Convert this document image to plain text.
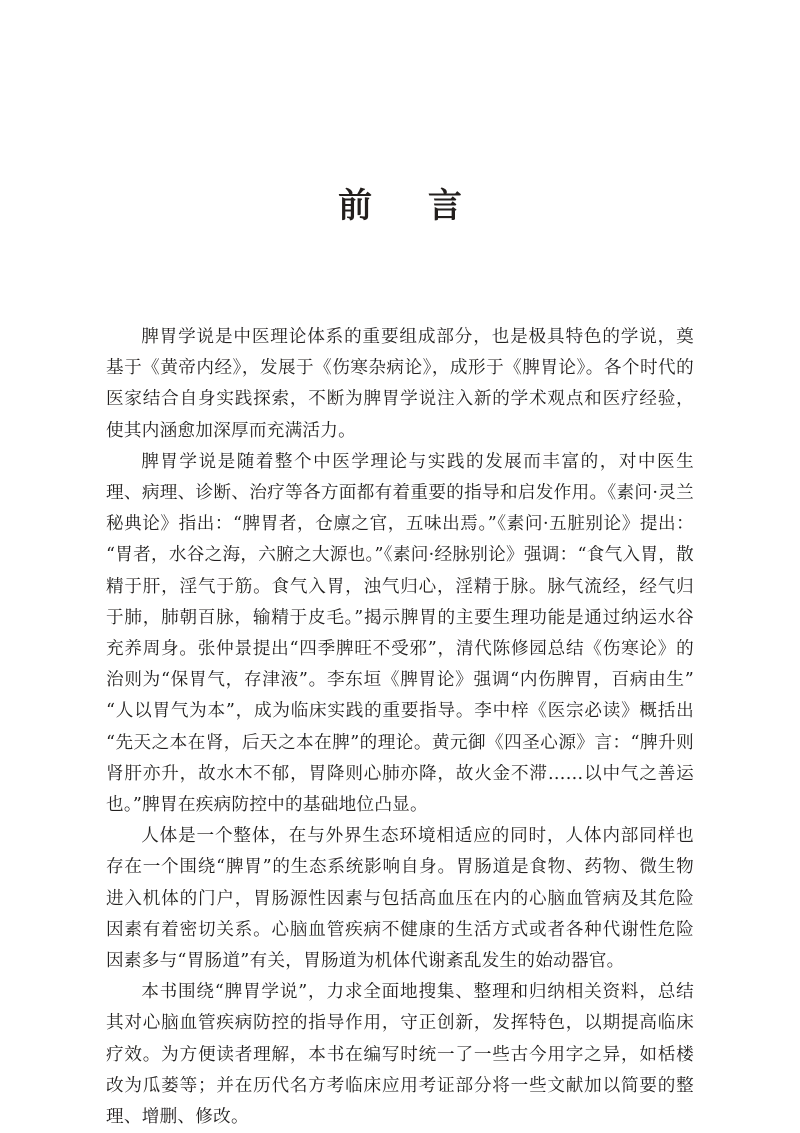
前　言

脾胃学说是中医理论体系的重要组成部分，也是极具特色的学说，奠基于《黄帝内经》，发展于《伤寒杂病论》，成形于《脾胃论》。各个时代的医家结合自身实践探索，不断为脾胃学说注入新的学术观点和医疗经验，使其内涵愈加深厚而充满活力。

脾胃学说是随着整个中医学理论与实践的发展而丰富的，对中医生理、病理、诊断、治疗等各方面都有着重要的指导和启发作用。《素问·灵兰秘典论》指出：“脾胃者，仓廪之官，五味出焉。”《素问·五脏别论》提出：“胃者，水谷之海，六腑之大源也。”《素问·经脉别论》强调：“食气入胃，散精于肝，淫气于筋。食气入胃，浊气归心，淫精于脉。脉气流经，经气归于肺，肺朝百脉，输精于皮毛。”揭示脾胃的主要生理功能是通过纳运水谷充养周身。张仲景提出“四季脾旺不受邪”，清代陈修园总结《伤寒论》的治则为“保胃气，存津液”。李东垣《脾胃论》强调“内伤脾胃，百病由生”“人以胃气为本”，成为临床实践的重要指导。李中梓《医宗必读》概括出“先天之本在肾，后天之本在脾”的理论。黄元御《四圣心源》言：“脾升则肾肝亦升，故水木不郁，胃降则心肺亦降，故火金不滞……以中气之善运也。”脾胃在疾病防控中的基础地位凸显。

人体是一个整体，在与外界生态环境相适应的同时，人体内部同样也存在一个围绕“脾胃”的生态系统影响自身。胃肠道是食物、药物、微生物进入机体的门户，胃肠源性因素与包括高血压在内的心脑血管病及其危险因素有着密切关系。心脑血管疾病不健康的生活方式或者各种代谢性危险因素多与“胃肠道”有关，胃肠道为机体代谢紊乱发生的始动器官。

本书围绕“脾胃学说”，力求全面地搜集、整理和归纳相关资料，总结其对心脑血管疾病防控的指导作用，守正创新，发挥特色，以期提高临床疗效。为方便读者理解，本书在编写时统一了一些古今用字之异，如栝楼改为瓜蒌等；并在历代名方考临床应用考证部分将一些文献加以简要的整理、增删、修改。
